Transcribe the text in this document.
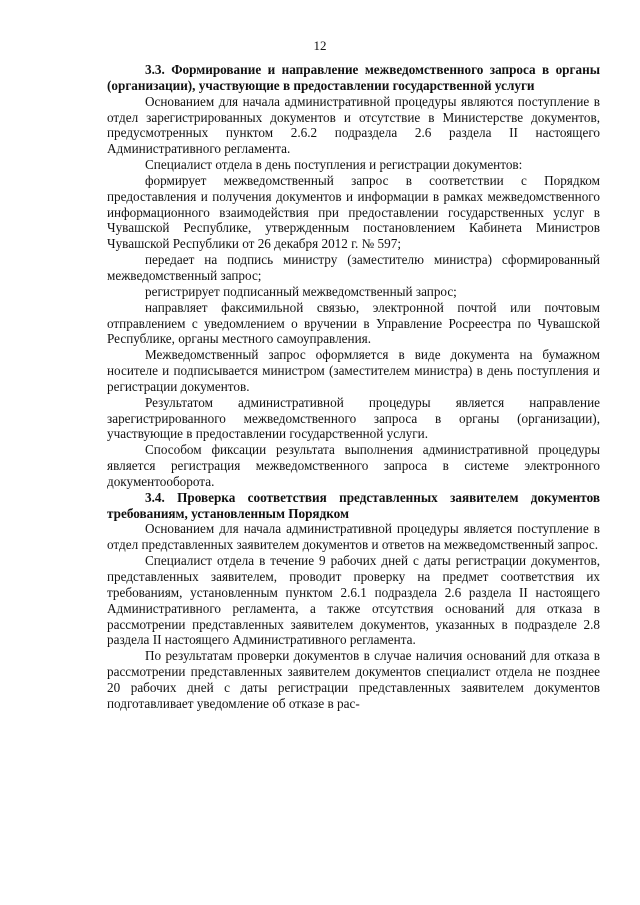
12
3.3. Формирование и направление межведомственного запроса в органы (организации), участвующие в предоставлении государственной услуги

Основанием для начала административной процедуры являются поступление в отдел зарегистрированных документов и отсутствие в Министерстве документов, предусмотренных пунктом 2.6.2 подраздела 2.6 раздела II настоящего Административного регламента.

Специалист отдела в день поступления и регистрации документов:

формирует межведомственный запрос в соответствии с Порядком предоставления и получения документов и информации в рамках межведомственного информационного взаимодействия при предоставлении государственных услуг в Чувашской Республике, утвержденным постановлением Кабинета Министров Чувашской Республики от 26 декабря 2012 г. № 597;

передает на подпись министру (заместителю министра) сформированный межведомственный запрос;

регистрирует подписанный межведомственный запрос;

направляет факсимильной связью, электронной почтой или почтовым отправлением с уведомлением о вручении в Управление Росреестра по Чувашской Республике, органы местного самоуправления.

Межведомственный запрос оформляется в виде документа на бумажном носителе и подписывается министром (заместителем министра) в день поступления и регистрации документов.

Результатом административной процедуры является направление зарегистрированного межведомственного запроса в органы (организации), участвующие в предоставлении государственной услуги.

Способом фиксации результата выполнения административной процедуры является регистрация межведомственного запроса в системе электронного документооборота.

3.4. Проверка соответствия представленных заявителем документов требованиям, установленным Порядком

Основанием для начала административной процедуры является поступление в отдел представленных заявителем документов и ответов на межведомственный запрос.

Специалист отдела в течение 9 рабочих дней с даты регистрации документов, представленных заявителем, проводит проверку на предмет соответствия их требованиям, установленным пунктом 2.6.1 подраздела 2.6 раздела II настоящего Административного регламента, а также отсутствия оснований для отказа в рассмотрении представленных заявителем документов, указанных в подразделе 2.8 раздела II настоящего Административного регламента.

По результатам проверки документов в случае наличия оснований для отказа в рассмотрении представленных заявителем документов специалист отдела не позднее 20 рабочих дней с даты регистрации представленных заявителем документов подготавливает уведомление об отказе в рас-
